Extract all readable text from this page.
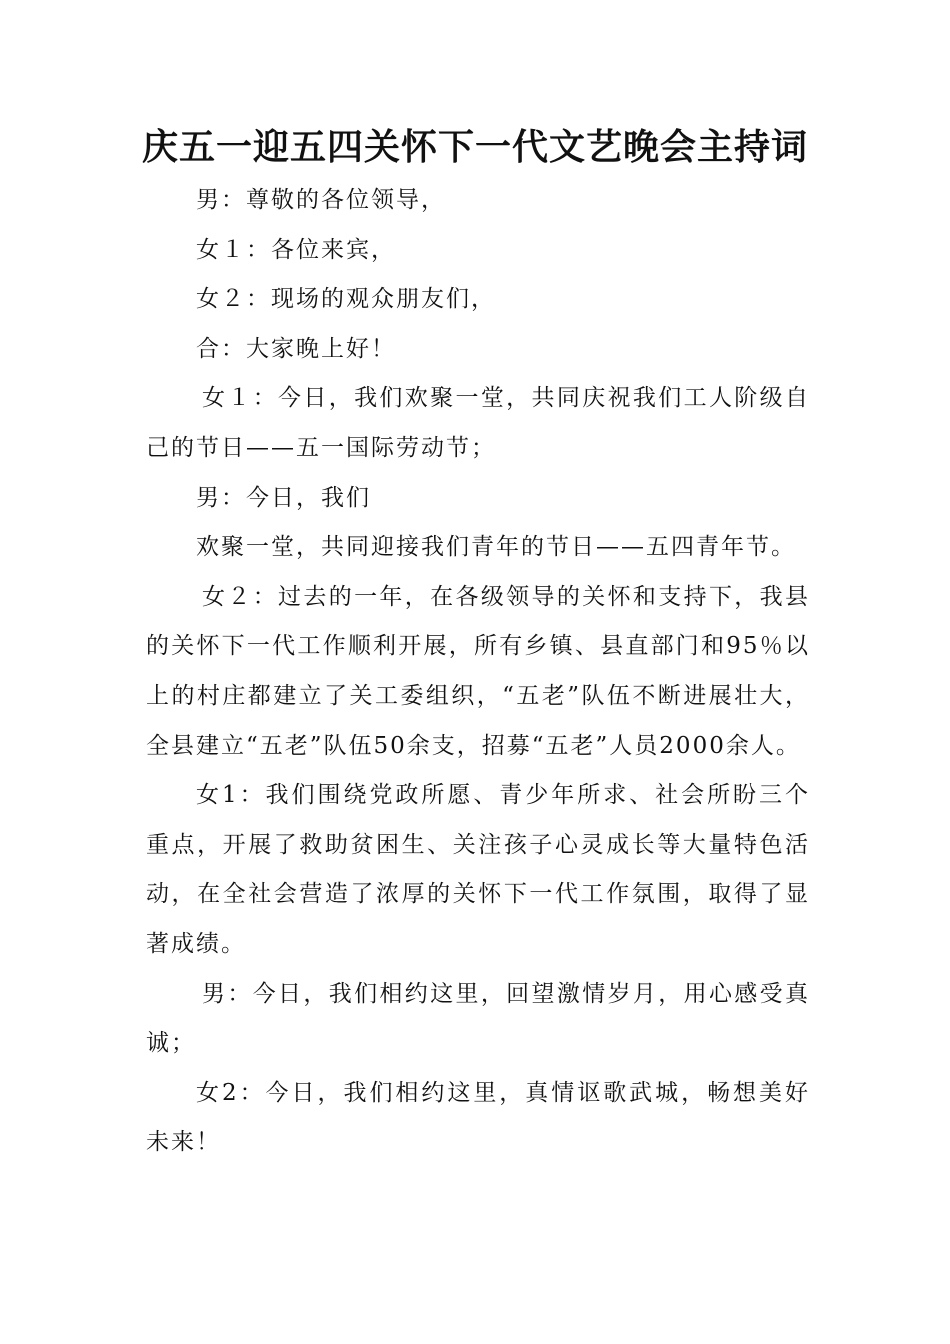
庆五一迎五四关怀下一代文艺晚会主持词

男：尊敬的各位领导，

女１：各位来宾，

女２：现场的观众朋友们，

合：大家晚上好！

女１：今日，我们欢聚一堂，共同庆祝我们工人阶级自己的节日——五一国际劳动节；

男：今日，我们

欢聚一堂，共同迎接我们青年的节日——五四青年节。

女２：过去的一年，在各级领导的关怀和支持下，我县的关怀下一代工作顺利开展，所有乡镇、县直部门和95％以上的村庄都建立了关工委组织，“五老”队伍不断进展壮大，全县建立“五老”队伍50余支，招募“五老”人员2000余人。

女1：我们围绕党政所愿、青少年所求、社会所盼三个重点，开展了救助贫困生、关注孩子心灵成长等大量特色活动，在全社会营造了浓厚的关怀下一代工作氛围，取得了显著成绩。

男：今日，我们相约这里，回望激情岁月，用心感受真诚；

女2：今日，我们相约这里，真情讴歌武城，畅想美好未来！
